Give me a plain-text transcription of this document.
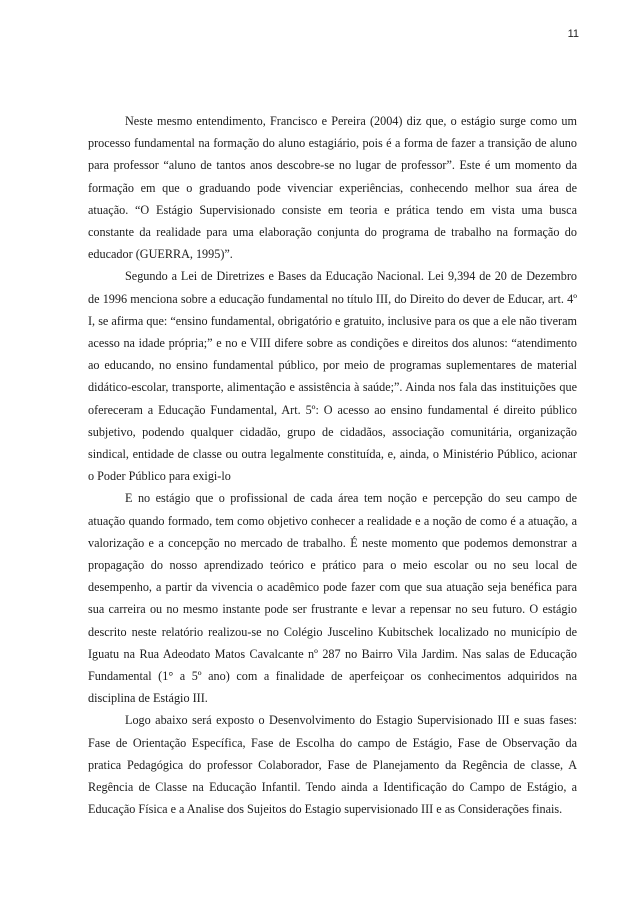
11

Neste mesmo entendimento, Francisco e Pereira (2004) diz que, o estágio surge como um processo fundamental na formação do aluno estagiário, pois é a forma de fazer a transição de aluno para professor “aluno de tantos anos descobre-se no lugar de professor”. Este é um momento da formação em que o graduando pode vivenciar experiências, conhecendo melhor sua área de atuação. “O Estágio Supervisionado consiste em teoria e prática tendo em vista uma busca constante da realidade para uma elaboração conjunta do programa de trabalho na formação do educador (GUERRA, 1995)”.

Segundo a Lei de Diretrizes e Bases da Educação Nacional. Lei 9,394 de 20 de Dezembro de 1996 menciona sobre a educação fundamental no título III, do Direito do dever de Educar, art. 4º I, se afirma que: “ensino fundamental, obrigatório e gratuito, inclusive para os que a ele não tiveram acesso na idade própria;” e no e VIII difere sobre as condições e direitos dos alunos: “atendimento ao educando, no ensino fundamental público, por meio de programas suplementares de material didático-escolar, transporte, alimentação e assistência à saúde;”. Ainda nos fala das instituições que ofereceram a Educação Fundamental, Art. 5º: O acesso ao ensino fundamental é direito público subjetivo, podendo qualquer cidadão, grupo de cidadãos, associação comunitária, organização sindical, entidade de classe ou outra legalmente constituída, e, ainda, o Ministério Público, acionar o Poder Público para exigi-lo

E no estágio que o profissional de cada área tem noção e percepção do seu campo de atuação quando formado, tem como objetivo conhecer a realidade e a noção de como é a atuação, a valorização e a concepção no mercado de trabalho. É neste momento que podemos demonstrar a propagação do nosso aprendizado teórico e prático para o meio escolar ou no seu local de desempenho, a partir da vivencia o acadêmico pode fazer com que sua atuação seja benéfica para sua carreira ou no mesmo instante pode ser frustrante e levar a repensar no seu futuro. O estágio descrito neste relatório realizou-se no Colégio Juscelino Kubitschek localizado no município de Iguatu na Rua Adeodato Matos Cavalcante nº 287 no Bairro Vila Jardim. Nas salas de Educação Fundamental (1° a 5º ano) com a finalidade de aperfeiçoar os conhecimentos adquiridos na disciplina de Estágio III.

Logo abaixo será exposto o Desenvolvimento do Estagio Supervisionado III e suas fases: Fase de Orientação Específica, Fase de Escolha do campo de Estágio, Fase de Observação da pratica Pedagógica do professor Colaborador, Fase de Planejamento da Regência de classe, A Regência de Classe na Educação Infantil. Tendo ainda a Identificação do Campo de Estágio, a Educação Física e a Analise dos Sujeitos do Estagio supervisionado III e as Considerações finais.
